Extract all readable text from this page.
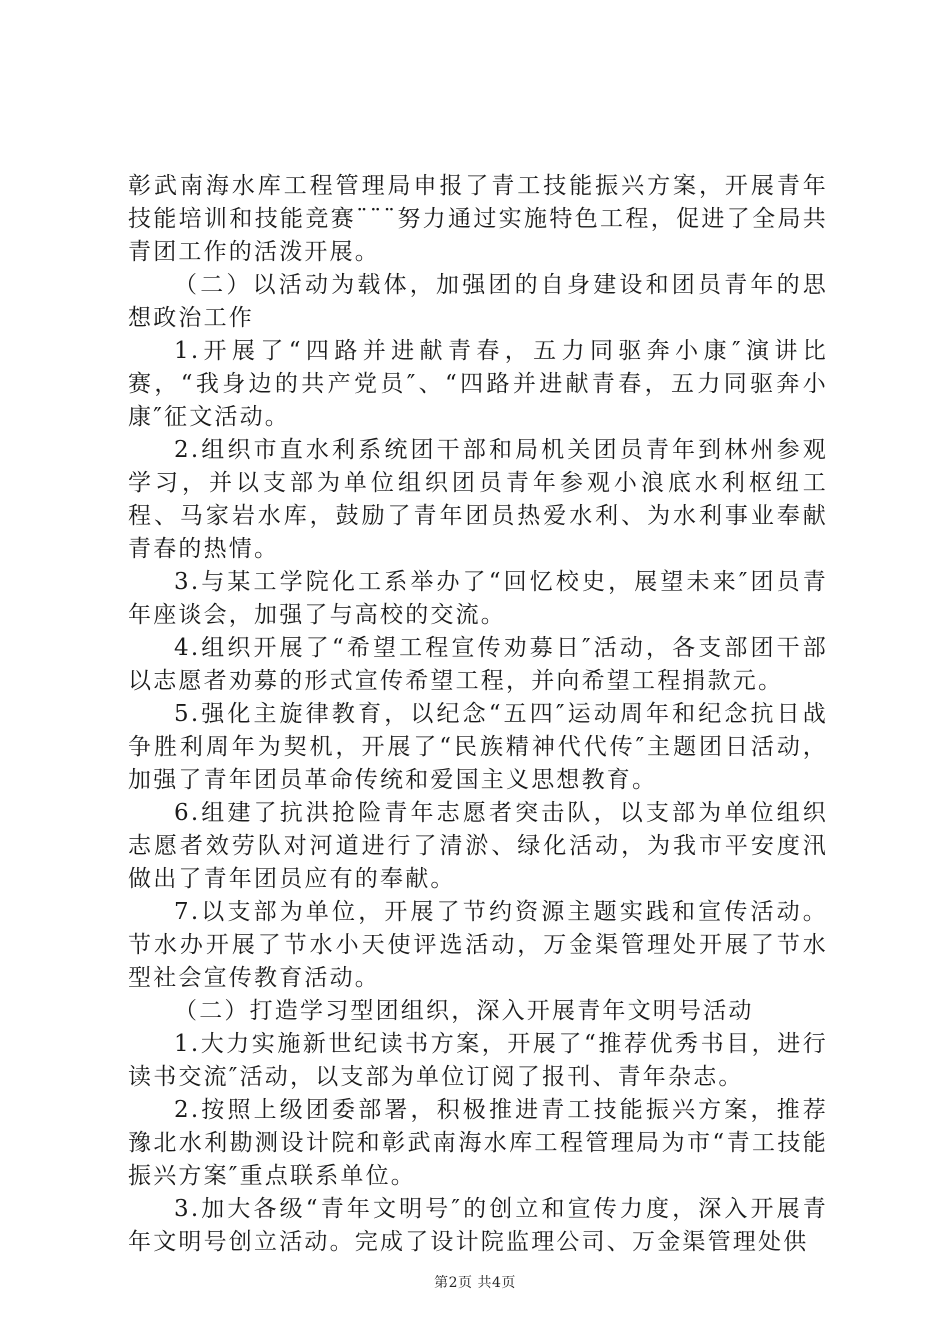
彰武南海水库工程管理局申报了青工技能振兴方案，开展青年技能培训和技能竞赛¨¨¨努力通过实施特色工程，促进了全局共青团工作的活泼开展。

（二）以活动为载体，加强团的自身建设和团员青年的思想政治工作

1.开展了“四路并进献青春，五力同驱奔小康″演讲比赛，“我身边的共产党员″、“四路并进献青春，五力同驱奔小康″征文活动。

2.组织市直水利系统团干部和局机关团员青年到林州参观学习，并以支部为单位组织团员青年参观小浪底水利枢纽工程、马家岩水库，鼓励了青年团员热爱水利、为水利事业奉献青春的热情。

3.与某工学院化工系举办了“回忆校史，展望未来″团员青年座谈会，加强了与高校的交流。

4.组织开展了“希望工程宣传劝募日″活动，各支部团干部以志愿者劝募的形式宣传希望工程，并向希望工程捐款元。

5.强化主旋律教育，以纪念“五四″运动周年和纪念抗日战争胜利周年为契机，开展了“民族精神代代传″主题团日活动，加强了青年团员革命传统和爱国主义思想教育。

6.组建了抗洪抢险青年志愿者突击队，以支部为单位组织志愿者效劳队对河道进行了清淤、绿化活动，为我市平安度汛做出了青年团员应有的奉献。

7.以支部为单位，开展了节约资源主题实践和宣传活动。节水办开展了节水小天使评选活动，万金渠管理处开展了节水型社会宣传教育活动。

（二）打造学习型团组织，深入开展青年文明号活动

1.大力实施新世纪读书方案，开展了“推荐优秀书目，进行读书交流″活动，以支部为单位订阅了报刊、青年杂志。

2.按照上级团委部署，积极推进青工技能振兴方案，推荐豫北水利勘测设计院和彰武南海水库工程管理局为市“青工技能振兴方案″重点联系单位。

3.加大各级“青年文明号″的创立和宣传力度，深入开展青年文明号创立活动。完成了设计院监理公司、万金渠管理处供

第2页 共4页
